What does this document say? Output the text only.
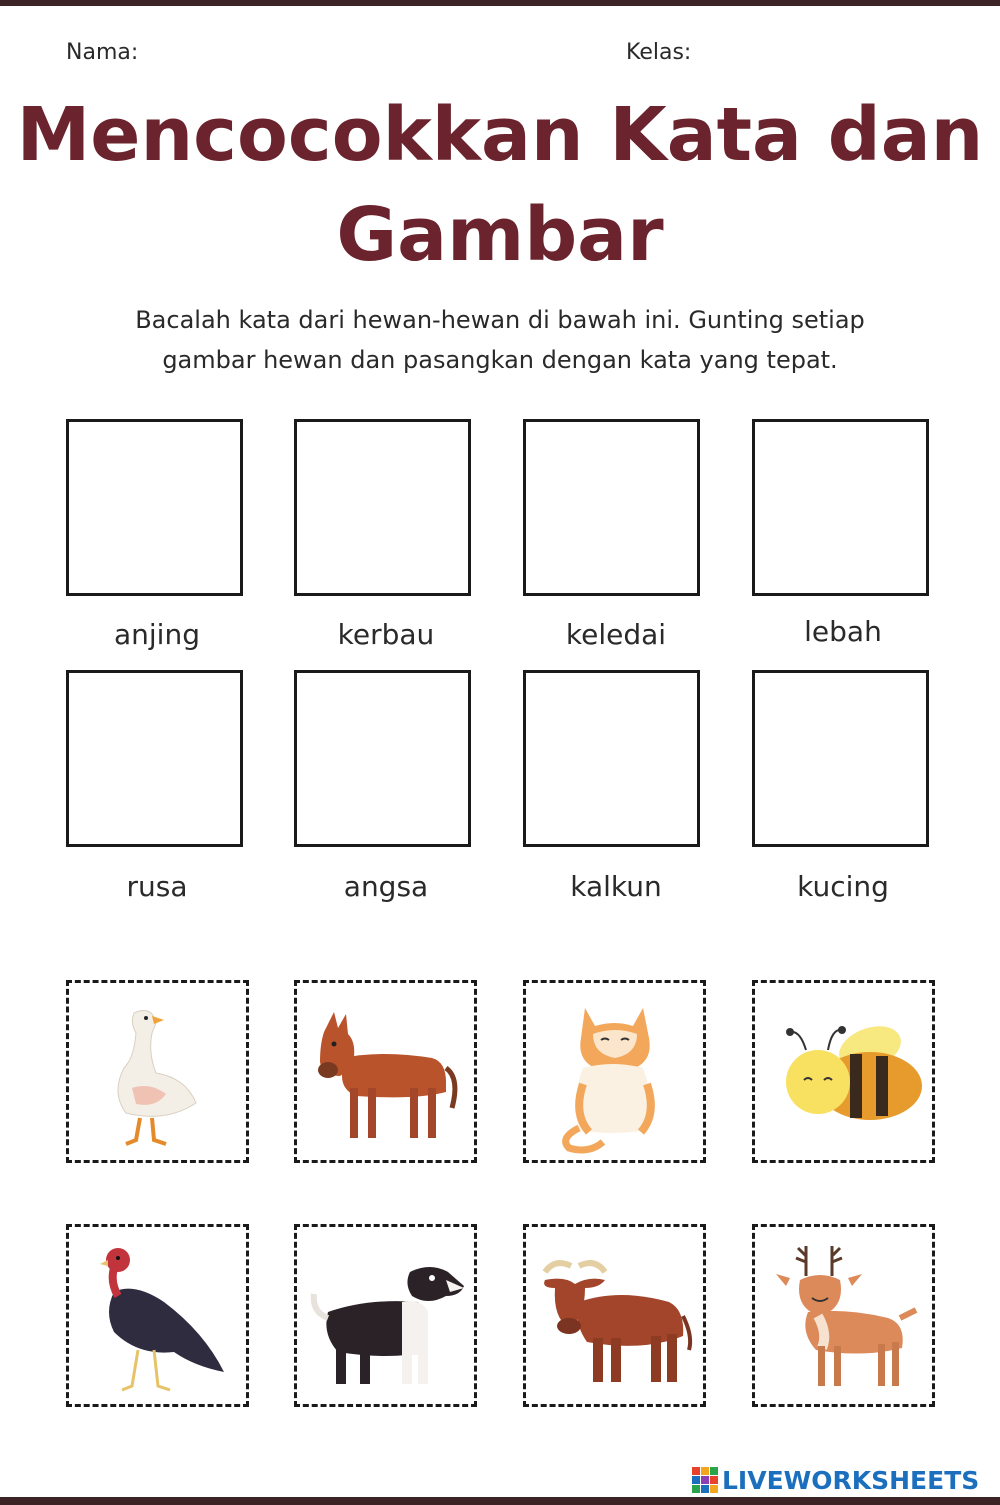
Nama:	Kelas:
Mencocokkan Kata dan
Gambar
Bacalah kata dari hewan-hewan di bawah ini. Gunting setiap
gambar hewan dan pasangkan dengan kata yang tepat.
anjing	kerbau	keledai	lebah
rusa	angsa	kalkun	kucing
LIVEWORKSHEETS
